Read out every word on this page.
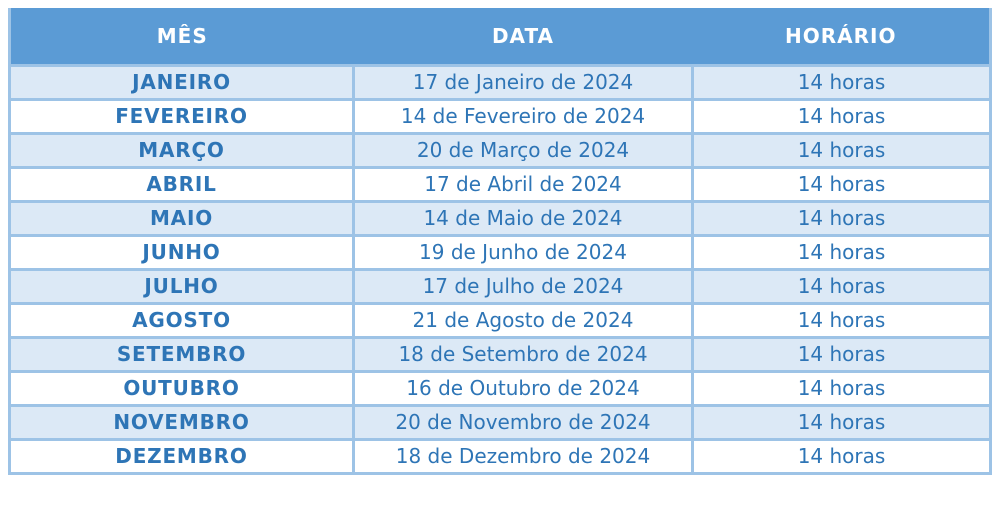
MÊS	DATA	HORÁRIO
JANEIRO	17 de Janeiro de 2024	14 horas
FEVEREIRO	14 de Fevereiro de 2024	14 horas
MARÇO	20 de Março de 2024	14 horas
ABRIL	17 de Abril de 2024	14 horas
MAIO	14 de Maio de 2024	14 horas
JUNHO	19 de Junho de 2024	14 horas
JULHO	17 de Julho de 2024	14 horas
AGOSTO	21 de Agosto de 2024	14 horas
SETEMBRO	18 de Setembro de 2024	14 horas
OUTUBRO	16 de Outubro de 2024	14 horas
NOVEMBRO	20 de Novembro de 2024	14 horas
DEZEMBRO	18 de Dezembro de 2024	14 horas
